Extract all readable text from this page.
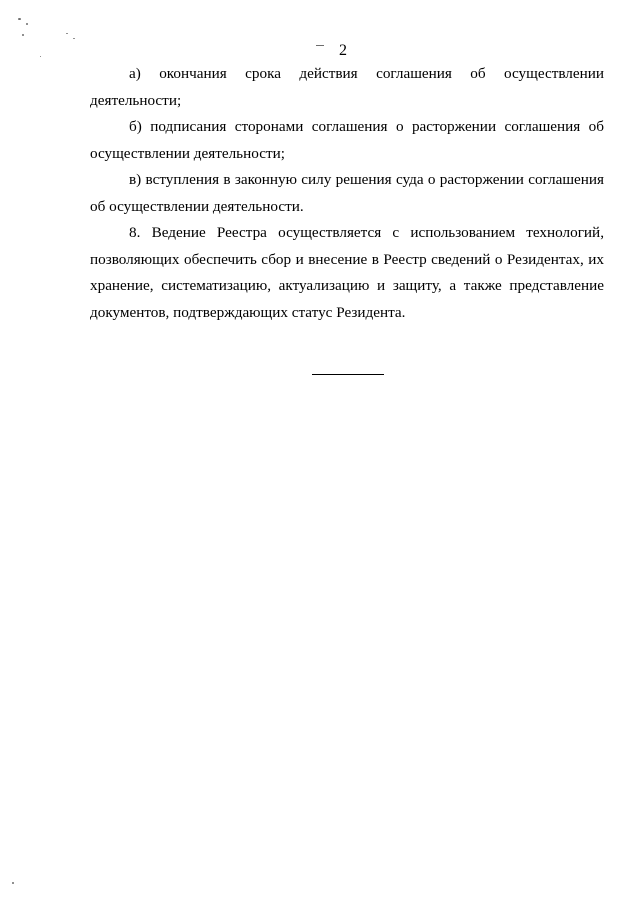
2

а) окончания срока действия соглашения об осуществлении деятельности;

б) подписания сторонами соглашения о расторжении соглашения об осуществлении деятельности;

в) вступления в законную силу решения суда о расторжении соглашения об осуществлении деятельности.

8. Ведение Реестра осуществляется с использованием технологий, позволяющих обеспечить сбор и внесение в Реестр сведений о Резидентах, их хранение, систематизацию, актуализацию и защиту, а также представление документов, подтверждающих статус Резидента.
